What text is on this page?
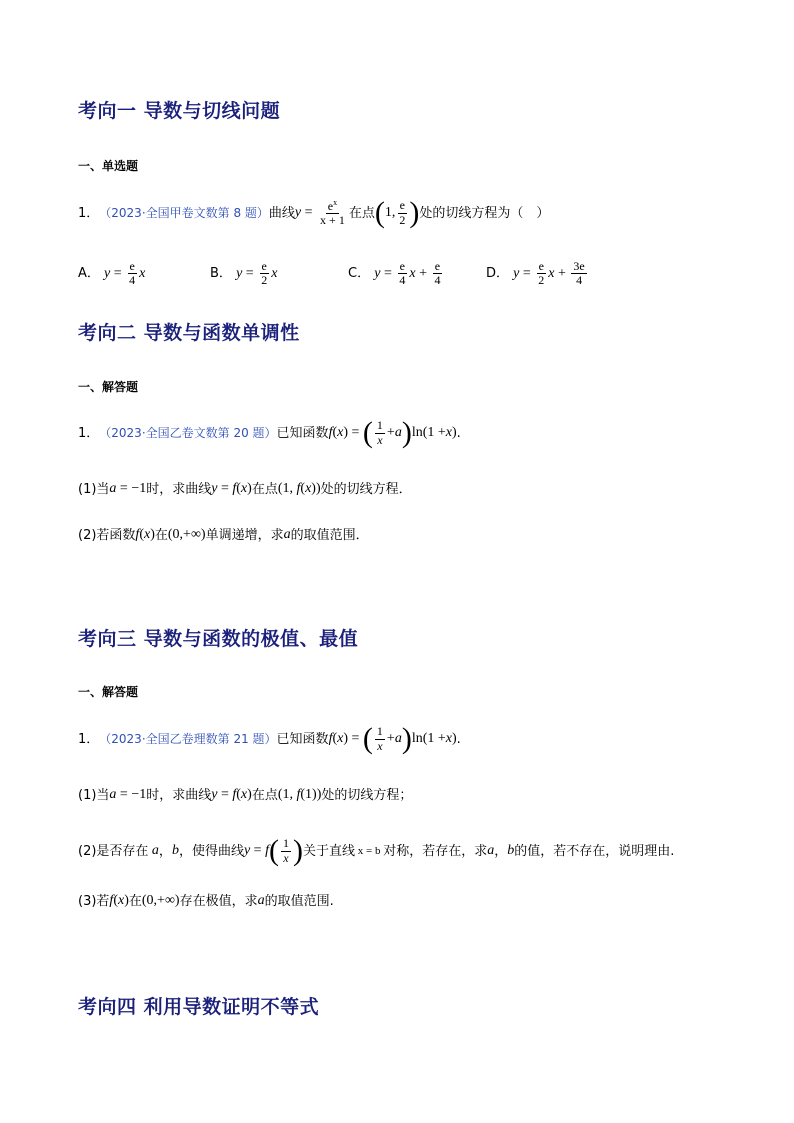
考向一 导数与切线问题
一、单选题
1． （2023·全国甲卷文数第 8 题） 曲线 $y = \frac{e^x}{x + 1}$ 在点 ( 1, $\frac{e}{2}$ ) 处的切线方程为（　）
A．
$y = \frac{e}{4}$ x	B．
$y = \frac{e}{2}$ x	C．
$y = \frac{e}{4}$ $x + \frac{e}{4}$	D．
$y = \frac{e}{2}$ $x + \frac{3e}{4}$
考向二 导数与函数单调性
一、解答题
1． （2023·全国乙卷文数第 20 题） 已知函数 f ( x ) = ( $\frac{1}{x} + a$ ) ln(1 + x ) .
(1)当 a = −1 时，求曲线 y = f ( x ) 在点 (1, f ( x )) 处的切线方程．
(2)若函数 f ( x ) 在 (0,+∞) 单调递增，求 a 的取值范围．
考向三 导数与函数的极值、最值
一、解答题
1． （2023·全国乙卷理数第 21 题） 已知函数 f ( x ) = ( $\frac{1}{x} + a$ ) ln(1 + x ) .
(1)当 a = −1 时，求曲线 y = f ( x ) 在点 (1, f (1)) 处的切线方程；
(2)是否存在 a ， b ，使得曲线 y = f ( $\frac{1}{x}$ ) 关于直线 x = b 对称，若存在，求 a ， b 的值，若不存在，说明理由.
(3)若 f ( x ) 在 (0,+∞) 存在极值，求 a 的取值范围.
考向四 利用导数证明不等式
